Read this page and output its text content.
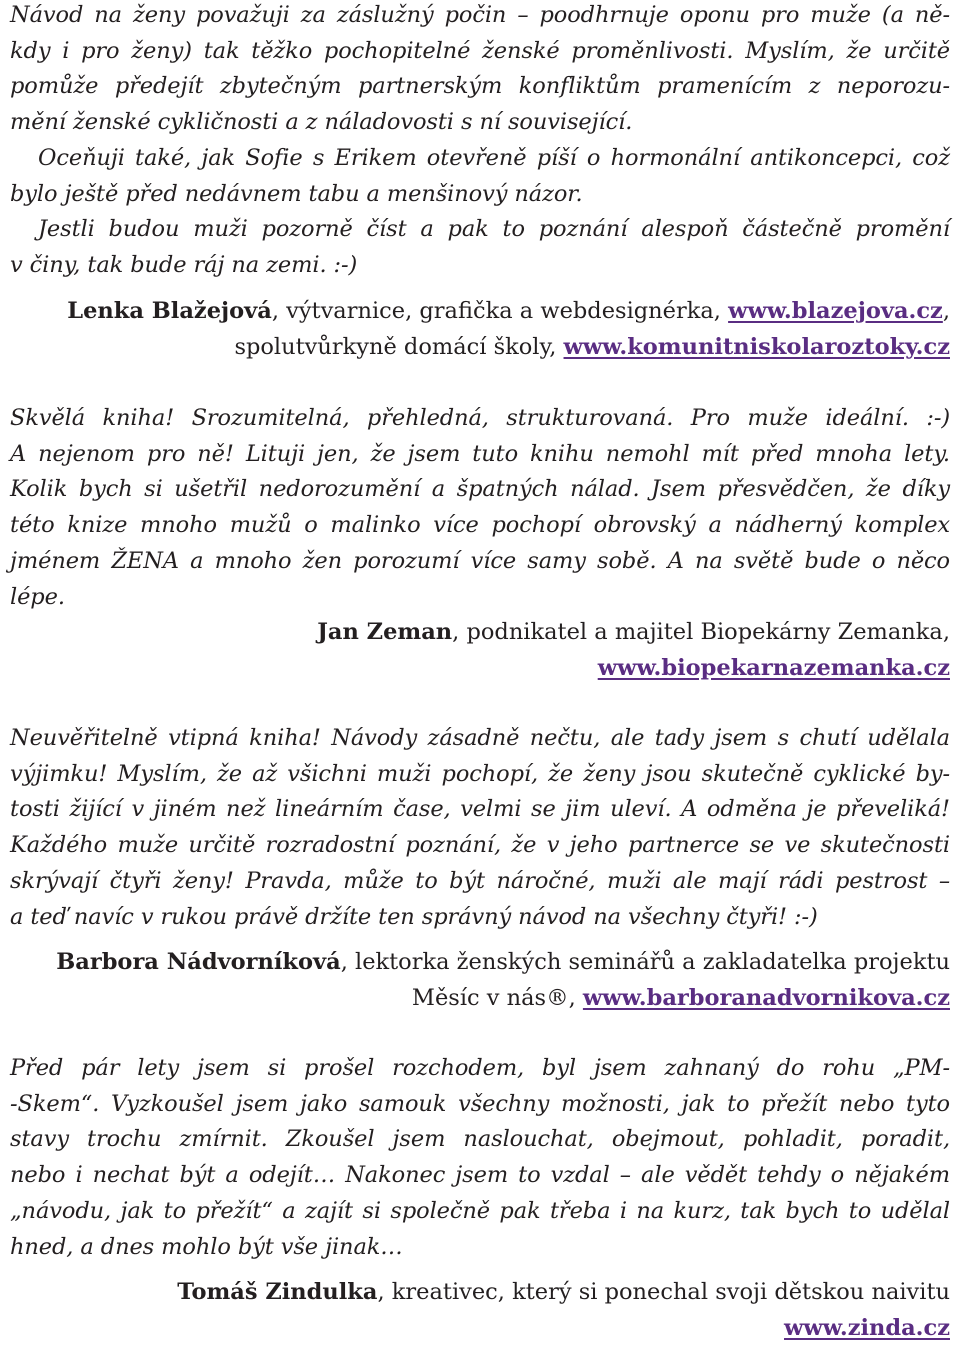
Návod na ženy považuji za záslužný počin – poodhrnuje oponu pro muže (a ně-
kdy i pro ženy) tak těžko pochopitelné ženské proměnlivosti. Myslím, že určitě
pomůže předejít zbytečným partnerským konfliktům pramenícím z neporozu-
mění ženské cykličnosti a z náladovosti s ní související.
Oceňuji také, jak Sofie s Erikem otevřeně píší o hormonální antikoncepci, což
bylo ještě před nedávnem tabu a menšinový názor.
Jestli budou muži pozorně číst a pak to poznání alespoň částečně promění
v činy, tak bude ráj na zemi. :-)
Lenka Blažejová, výtvarnice, grafička a webdesignérka, www.blazejova.cz,
spolutvůrkyně domácí školy, www.komunitniskolaroztoky.cz
Skvělá kniha! Srozumitelná, přehledná, strukturovaná. Pro muže ideální. :-)
A nejenom pro ně! Lituji jen, že jsem tuto knihu nemohl mít před mnoha lety.
Kolik bych si ušetřil nedorozumění a špatných nálad. Jsem přesvědčen, že díky
této knize mnoho mužů o malinko více pochopí obrovský a nádherný komplex
jménem ŽENA a mnoho žen porozumí více samy sobě. A na světě bude o něco
lépe.
Jan Zeman, podnikatel a majitel Biopekárny Zemanka,
www.biopekarnazemanka.cz
Neuvěřitelně vtipná kniha! Návody zásadně nečtu, ale tady jsem s chutí udělala
výjimku! Myslím, že až všichni muži pochopí, že ženy jsou skutečně cyklické by-
tosti žijící v jiném než lineárním čase, velmi se jim uleví. A odměna je převeliká!
Každého muže určitě rozradostní poznání, že v jeho partnerce se ve skutečnosti
skrývají čtyři ženy! Pravda, může to být náročné, muži ale mají rádi pestrost –
a teď navíc v rukou právě držíte ten správný návod na všechny čtyři! :-)
Barbora Nádvorníková, lektorka ženských seminářů a zakladatelka projektu
Měsíc v nás®, www.barboranadvornikova.cz
Před pár lety jsem si prošel rozchodem, byl jsem zahnaný do rohu „PM-
-Skem“. Vyzkoušel jsem jako samouk všechny možnosti, jak to přežít nebo tyto
stavy trochu zmírnit. Zkoušel jsem naslouchat, obejmout, pohladit, poradit,
nebo i nechat být a odejít… Nakonec jsem to vzdal – ale vědět tehdy o nějakém
„návodu, jak to přežít“ a zajít si společně pak třeba i na kurz, tak bych to udělal
hned, a dnes mohlo být vše jinak…
Tomáš Zindulka, kreativec, který si ponechal svoji dětskou naivitu
www.zinda.cz
